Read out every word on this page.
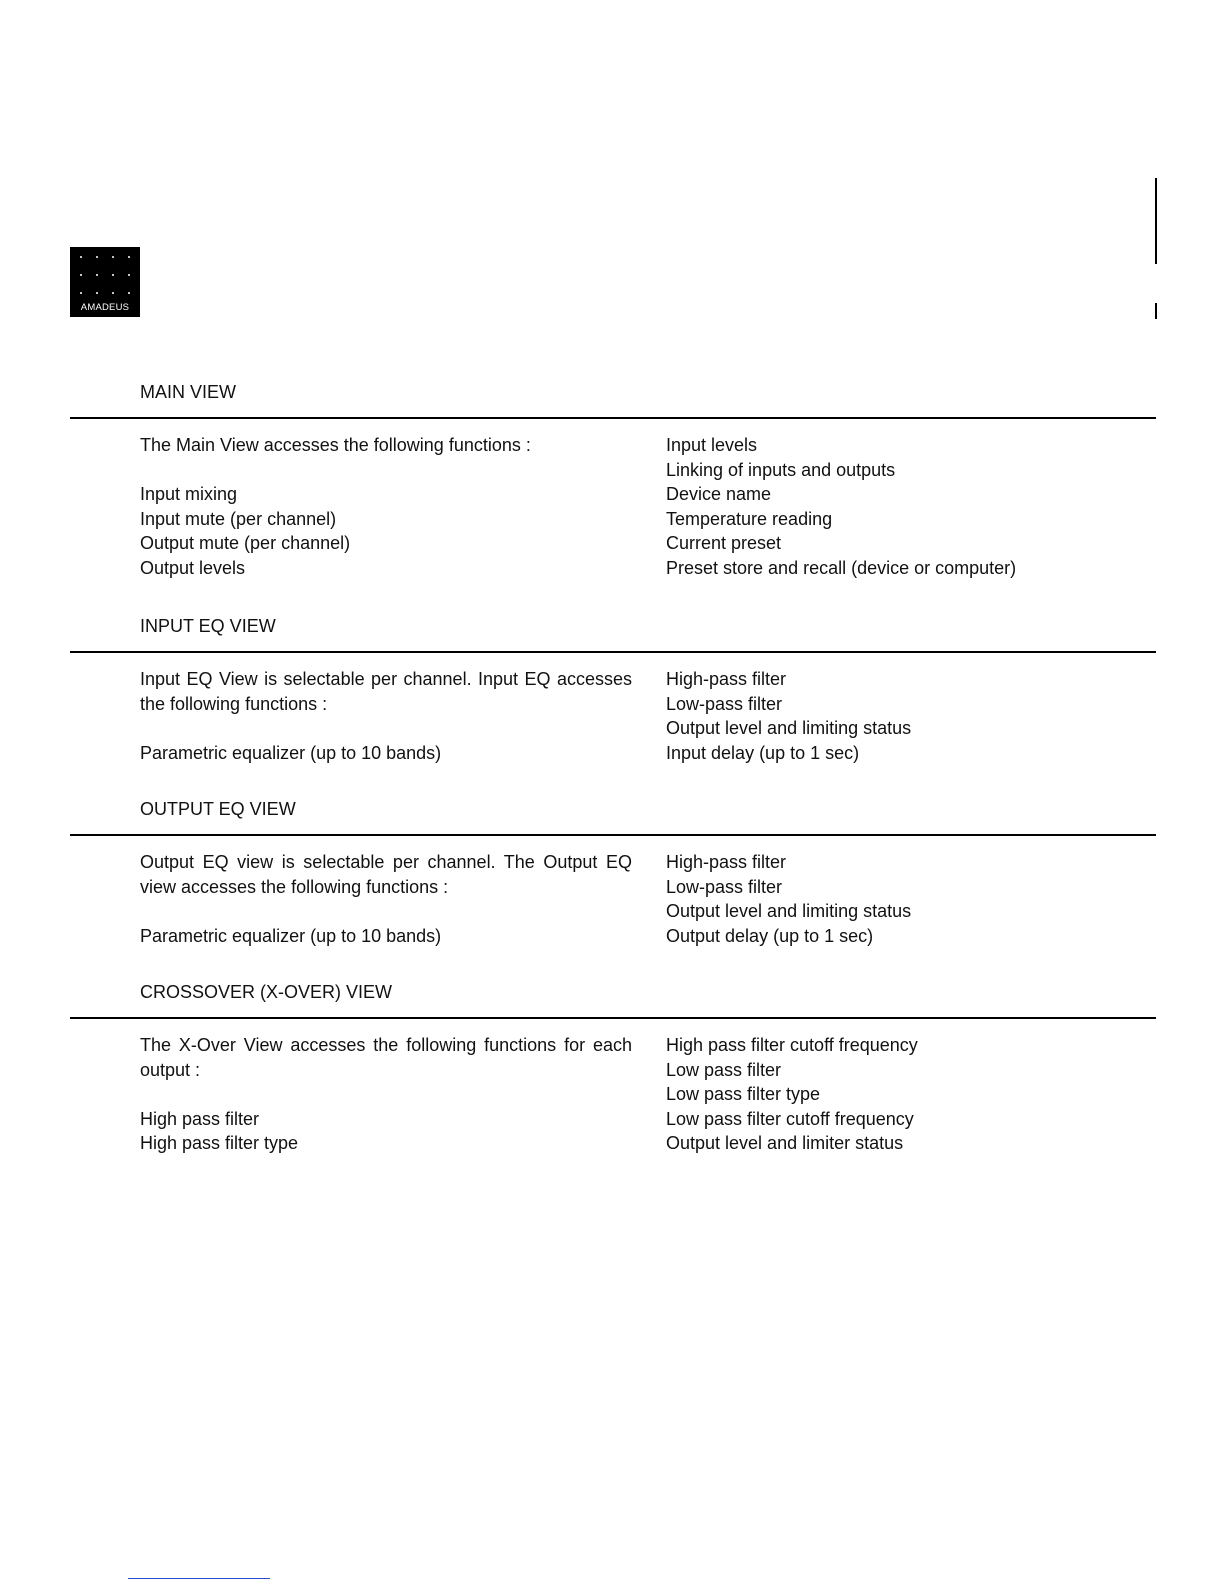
AMADEUS
MAIN VIEW
The Main View accesses the following functions :
Input mixing
Input mute (per channel)
Output mute (per channel)
Output levels
Input levels
Linking of inputs and outputs
Device name
Temperature reading
Current preset
Preset store and recall (device or computer)
INPUT EQ VIEW
Input EQ View is selectable per channel. Input EQ accesses the following functions :
Parametric equalizer (up to 10 bands)
High-pass filter
Low-pass filter
Output level and limiting status
Input delay (up to 1 sec)
OUTPUT EQ VIEW
Output EQ view is selectable per channel. The Output EQ view accesses the following functions :
Parametric equalizer (up to 10 bands)
High-pass filter
Low-pass filter
Output level and limiting status
Output delay (up to 1 sec)
CROSSOVER (X-OVER) VIEW
The X-Over View accesses the following functions for each output :
High pass filter
High pass filter type
High pass filter cutoff frequency
Low pass filter
Low pass filter type
Low pass filter cutoff frequency
Output level and limiter status
